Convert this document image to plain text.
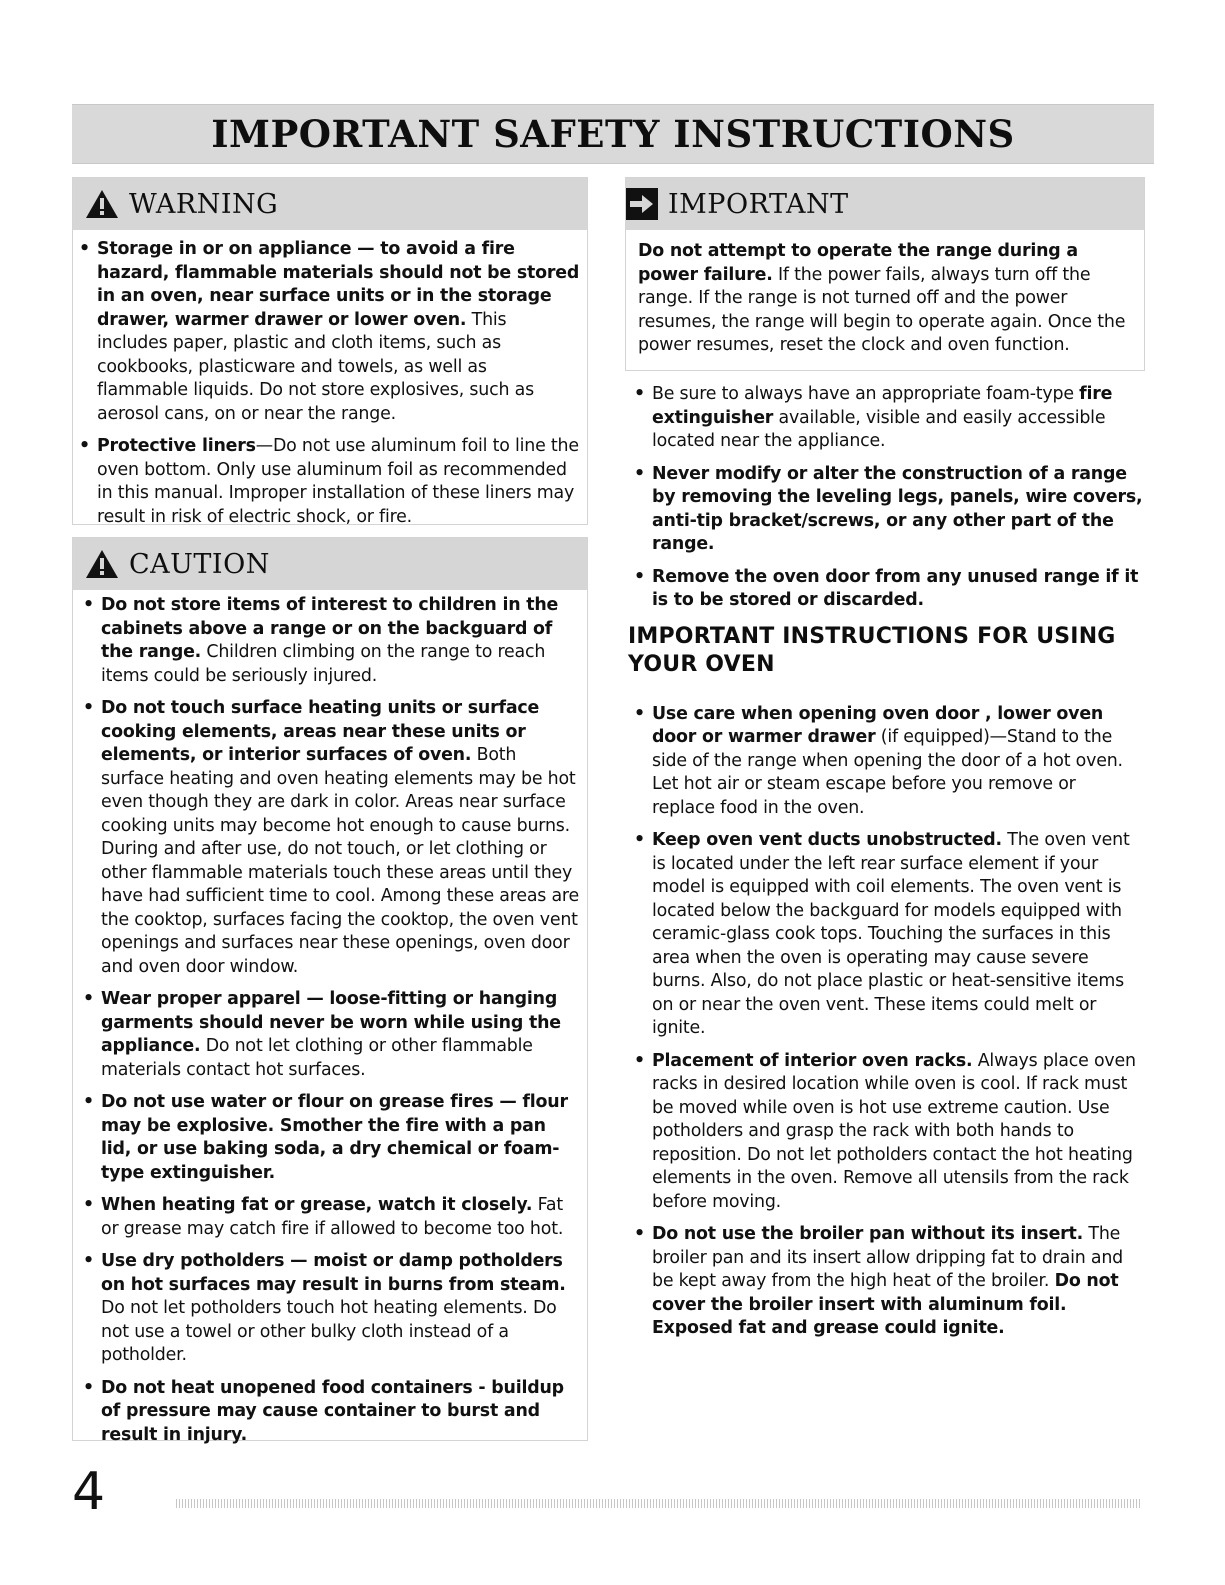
IMPORTANT SAFETY INSTRUCTIONS
WARNING
• Storage in or on appliance — to avoid a fire hazard, flammable materials should not be stored in an oven, near surface units or in the storage drawer, warmer drawer or lower oven. This includes paper, plastic and cloth items, such as cookbooks, plasticware and towels, as well as flammable liquids. Do not store explosives, such as aerosol cans, on or near the range.
• Protective liners—Do not use aluminum foil to line the oven bottom. Only use aluminum foil as recommended in this manual. Improper installation of these liners may result in risk of electric shock, or fire.
CAUTION
• Do not store items of interest to children in the cabinets above a range or on the backguard of the range. Children climbing on the range to reach items could be seriously injured.
• Do not touch surface heating units or surface cooking elements, areas near these units or elements, or interior surfaces of oven. Both surface heating and oven heating elements may be hot even though they are dark in color. Areas near surface cooking units may become hot enough to cause burns. During and after use, do not touch, or let clothing or other flammable materials touch these areas until they have had sufficient time to cool. Among these areas are the cooktop, surfaces facing the cooktop, the oven vent openings and surfaces near these openings, oven door and oven door window.
• Wear proper apparel — loose-fitting or hanging garments should never be worn while using the appliance. Do not let clothing or other flammable materials contact hot surfaces.
• Do not use water or flour on grease fires — flour may be explosive. Smother the fire with a pan lid, or use baking soda, a dry chemical or foam-type extinguisher.
• When heating fat or grease, watch it closely. Fat or grease may catch fire if allowed to become too hot.
• Use dry potholders — moist or damp potholders on hot surfaces may result in burns from steam. Do not let potholders touch hot heating elements. Do not use a towel or other bulky cloth instead of a potholder.
• Do not heat unopened food containers - buildup of pressure may cause container to burst and result in injury.
IMPORTANT
Do not attempt to operate the range during a power failure. If the power fails, always turn off the range. If the range is not turned off and the power resumes, the range will begin to operate again. Once the power resumes, reset the clock and oven function.
• Be sure to always have an appropriate foam-type fire extinguisher available, visible and easily accessible located near the appliance.
• Never modify or alter the construction of a range by removing the leveling legs, panels, wire covers, anti-tip bracket/screws, or any other part of the range.
• Remove the oven door from any unused range if it is to be stored or discarded.
IMPORTANT INSTRUCTIONS FOR USING YOUR OVEN
• Use care when opening oven door , lower oven door or warmer drawer (if equipped)—Stand to the side of the range when opening the door of a hot oven. Let hot air or steam escape before you remove or replace food in the oven.
• Keep oven vent ducts unobstructed. The oven vent is located under the left rear surface element if your model is equipped with coil elements. The oven vent is located below the backguard for models equipped with ceramic-glass cook tops. Touching the surfaces in this area when the oven is operating may cause severe burns. Also, do not place plastic or heat-sensitive items on or near the oven vent. These items could melt or ignite.
• Placement of interior oven racks. Always place oven racks in desired location while oven is cool. If rack must be moved while oven is hot use extreme caution. Use potholders and grasp the rack with both hands to reposition. Do not let potholders contact the hot heating elements in the oven. Remove all utensils from the rack before moving.
• Do not use the broiler pan without its insert. The broiler pan and its insert allow dripping fat to drain and be kept away from the high heat of the broiler. Do not cover the broiler insert with aluminum foil. Exposed fat and grease could ignite.
4
